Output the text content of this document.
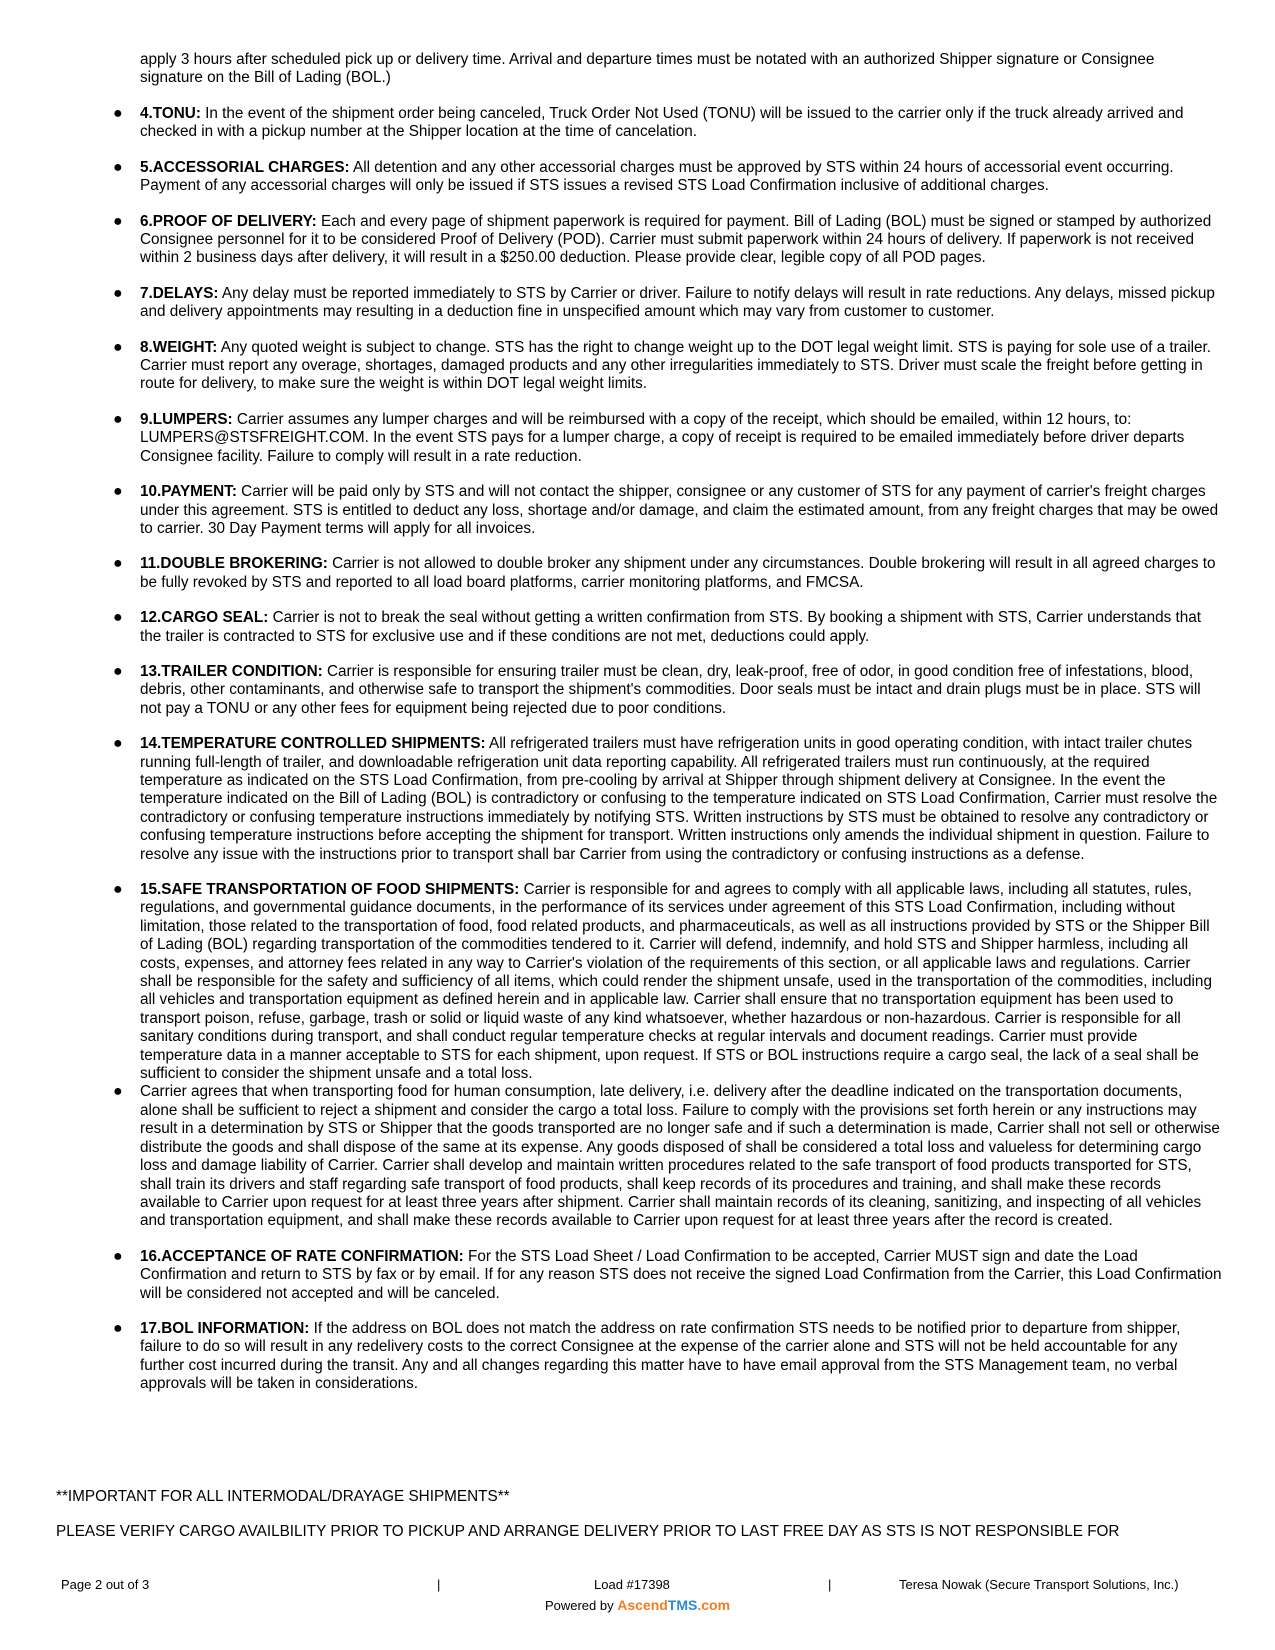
apply 3 hours after scheduled pick up or delivery time. Arrival and departure times must be notated with an authorized Shipper signature or Consignee signature on the Bill of Lading (BOL.)

● 4.TONU: In the event of the shipment order being canceled, Truck Order Not Used (TONU) will be issued to the carrier only if the truck already arrived and checked in with a pickup number at the Shipper location at the time of cancelation.
● 5.ACCESSORIAL CHARGES: All detention and any other accessorial charges must be approved by STS within 24 hours of accessorial event occurring. Payment of any accessorial charges will only be issued if STS issues a revised STS Load Confirmation inclusive of additional charges.
● 6.PROOF OF DELIVERY: Each and every page of shipment paperwork is required for payment. Bill of Lading (BOL) must be signed or stamped by authorized Consignee personnel for it to be considered Proof of Delivery (POD). Carrier must submit paperwork within 24 hours of delivery. If paperwork is not received within 2 business days after delivery, it will result in a $250.00 deduction. Please provide clear, legible copy of all POD pages.
● 7.DELAYS: Any delay must be reported immediately to STS by Carrier or driver. Failure to notify delays will result in rate reductions. Any delays, missed pickup and delivery appointments may resulting in a deduction fine in unspecified amount which may vary from customer to customer.
● 8.WEIGHT: Any quoted weight is subject to change. STS has the right to change weight up to the DOT legal weight limit. STS is paying for sole use of a trailer. Carrier must report any overage, shortages, damaged products and any other irregularities immediately to STS. Driver must scale the freight before getting in route for delivery, to make sure the weight is within DOT legal weight limits.
● 9.LUMPERS: Carrier assumes any lumper charges and will be reimbursed with a copy of the receipt, which should be emailed, within 12 hours, to: LUMPERS@STSFREIGHT.COM. In the event STS pays for a lumper charge, a copy of receipt is required to be emailed immediately before driver departs Consignee facility. Failure to comply will result in a rate reduction.
● 10.PAYMENT: Carrier will be paid only by STS and will not contact the shipper, consignee or any customer of STS for any payment of carrier's freight charges under this agreement. STS is entitled to deduct any loss, shortage and/or damage, and claim the estimated amount, from any freight charges that may be owed to carrier. 30 Day Payment terms will apply for all invoices.
● 11.DOUBLE BROKERING: Carrier is not allowed to double broker any shipment under any circumstances. Double brokering will result in all agreed charges to be fully revoked by STS and reported to all load board platforms, carrier monitoring platforms, and FMCSA.
● 12.CARGO SEAL: Carrier is not to break the seal without getting a written confirmation from STS. By booking a shipment with STS, Carrier understands that the trailer is contracted to STS for exclusive use and if these conditions are not met, deductions could apply.
● 13.TRAILER CONDITION: Carrier is responsible for ensuring trailer must be clean, dry, leak-proof, free of odor, in good condition free of infestations, blood, debris, other contaminants, and otherwise safe to transport the shipment's commodities. Door seals must be intact and drain plugs must be in place. STS will not pay a TONU or any other fees for equipment being rejected due to poor conditions.
● 14.TEMPERATURE CONTROLLED SHIPMENTS: All refrigerated trailers must have refrigeration units in good operating condition, with intact trailer chutes running full-length of trailer, and downloadable refrigeration unit data reporting capability. All refrigerated trailers must run continuously, at the required temperature as indicated on the STS Load Confirmation, from pre-cooling by arrival at Shipper through shipment delivery at Consignee. In the event the temperature indicated on the Bill of Lading (BOL) is contradictory or confusing to the temperature indicated on STS Load Confirmation, Carrier must resolve the contradictory or confusing temperature instructions immediately by notifying STS. Written instructions by STS must be obtained to resolve any contradictory or confusing temperature instructions before accepting the shipment for transport. Written instructions only amends the individual shipment in question. Failure to resolve any issue with the instructions prior to transport shall bar Carrier from using the contradictory or confusing instructions as a defense.
● 15.SAFE TRANSPORTATION OF FOOD SHIPMENTS: Carrier is responsible for and agrees to comply with all applicable laws, including all statutes, rules, regulations, and governmental guidance documents, in the performance of its services under agreement of this STS Load Confirmation, including without limitation, those related to the transportation of food, food related products, and pharmaceuticals, as well as all instructions provided by STS or the Shipper Bill of Lading (BOL) regarding transportation of the commodities tendered to it. Carrier will defend, indemnify, and hold STS and Shipper harmless, including all costs, expenses, and attorney fees related in any way to Carrier's violation of the requirements of this section, or all applicable laws and regulations. Carrier shall be responsible for the safety and sufficiency of all items, which could render the shipment unsafe, used in the transportation of the commodities, including all vehicles and transportation equipment as defined herein and in applicable law. Carrier shall ensure that no transportation equipment has been used to transport poison, refuse, garbage, trash or solid or liquid waste of any kind whatsoever, whether hazardous or non-hazardous. Carrier is responsible for all sanitary conditions during transport, and shall conduct regular temperature checks at regular intervals and document readings. Carrier must provide temperature data in a manner acceptable to STS for each shipment, upon request. If STS or BOL instructions require a cargo seal, the lack of a seal shall be sufficient to consider the shipment unsafe and a total loss.
● Carrier agrees that when transporting food for human consumption, late delivery, i.e. delivery after the deadline indicated on the transportation documents, alone shall be sufficient to reject a shipment and consider the cargo a total loss. Failure to comply with the provisions set forth herein or any instructions may result in a determination by STS or Shipper that the goods transported are no longer safe and if such a determination is made, Carrier shall not sell or otherwise distribute the goods and shall dispose of the same at its expense. Any goods disposed of shall be considered a total loss and valueless for determining cargo loss and damage liability of Carrier. Carrier shall develop and maintain written procedures related to the safe transport of food products transported for STS, shall train its drivers and staff regarding safe transport of food products, shall keep records of its procedures and training, and shall make these records available to Carrier upon request for at least three years after shipment. Carrier shall maintain records of its cleaning, sanitizing, and inspecting of all vehicles and transportation equipment, and shall make these records available to Carrier upon request for at least three years after the record is created.
● 16.ACCEPTANCE OF RATE CONFIRMATION: For the STS Load Sheet / Load Confirmation to be accepted, Carrier MUST sign and date the Load Confirmation and return to STS by fax or by email. If for any reason STS does not receive the signed Load Confirmation from the Carrier, this Load Confirmation will be considered not accepted and will be canceled.
● 17.BOL INFORMATION: If the address on BOL does not match the address on rate confirmation STS needs to be notified prior to departure from shipper, failure to do so will result in any redelivery costs to the correct Consignee at the expense of the carrier alone and STS will not be held accountable for any further cost incurred during the transit. Any and all changes regarding this matter have to have email approval from the STS Management team, no verbal approvals will be taken in considerations.

**IMPORTANT FOR ALL INTERMODAL/DRAYAGE SHIPMENTS**

PLEASE VERIFY CARGO AVAILBILITY PRIOR TO PICKUP AND ARRANGE DELIVERY PRIOR TO LAST FREE DAY AS STS IS NOT RESPONSIBLE FOR

Page 2 out of 3	|	Load #17398	|	Teresa Nowak (Secure Transport Solutions, Inc.)
Powered by AscendTMS.com
